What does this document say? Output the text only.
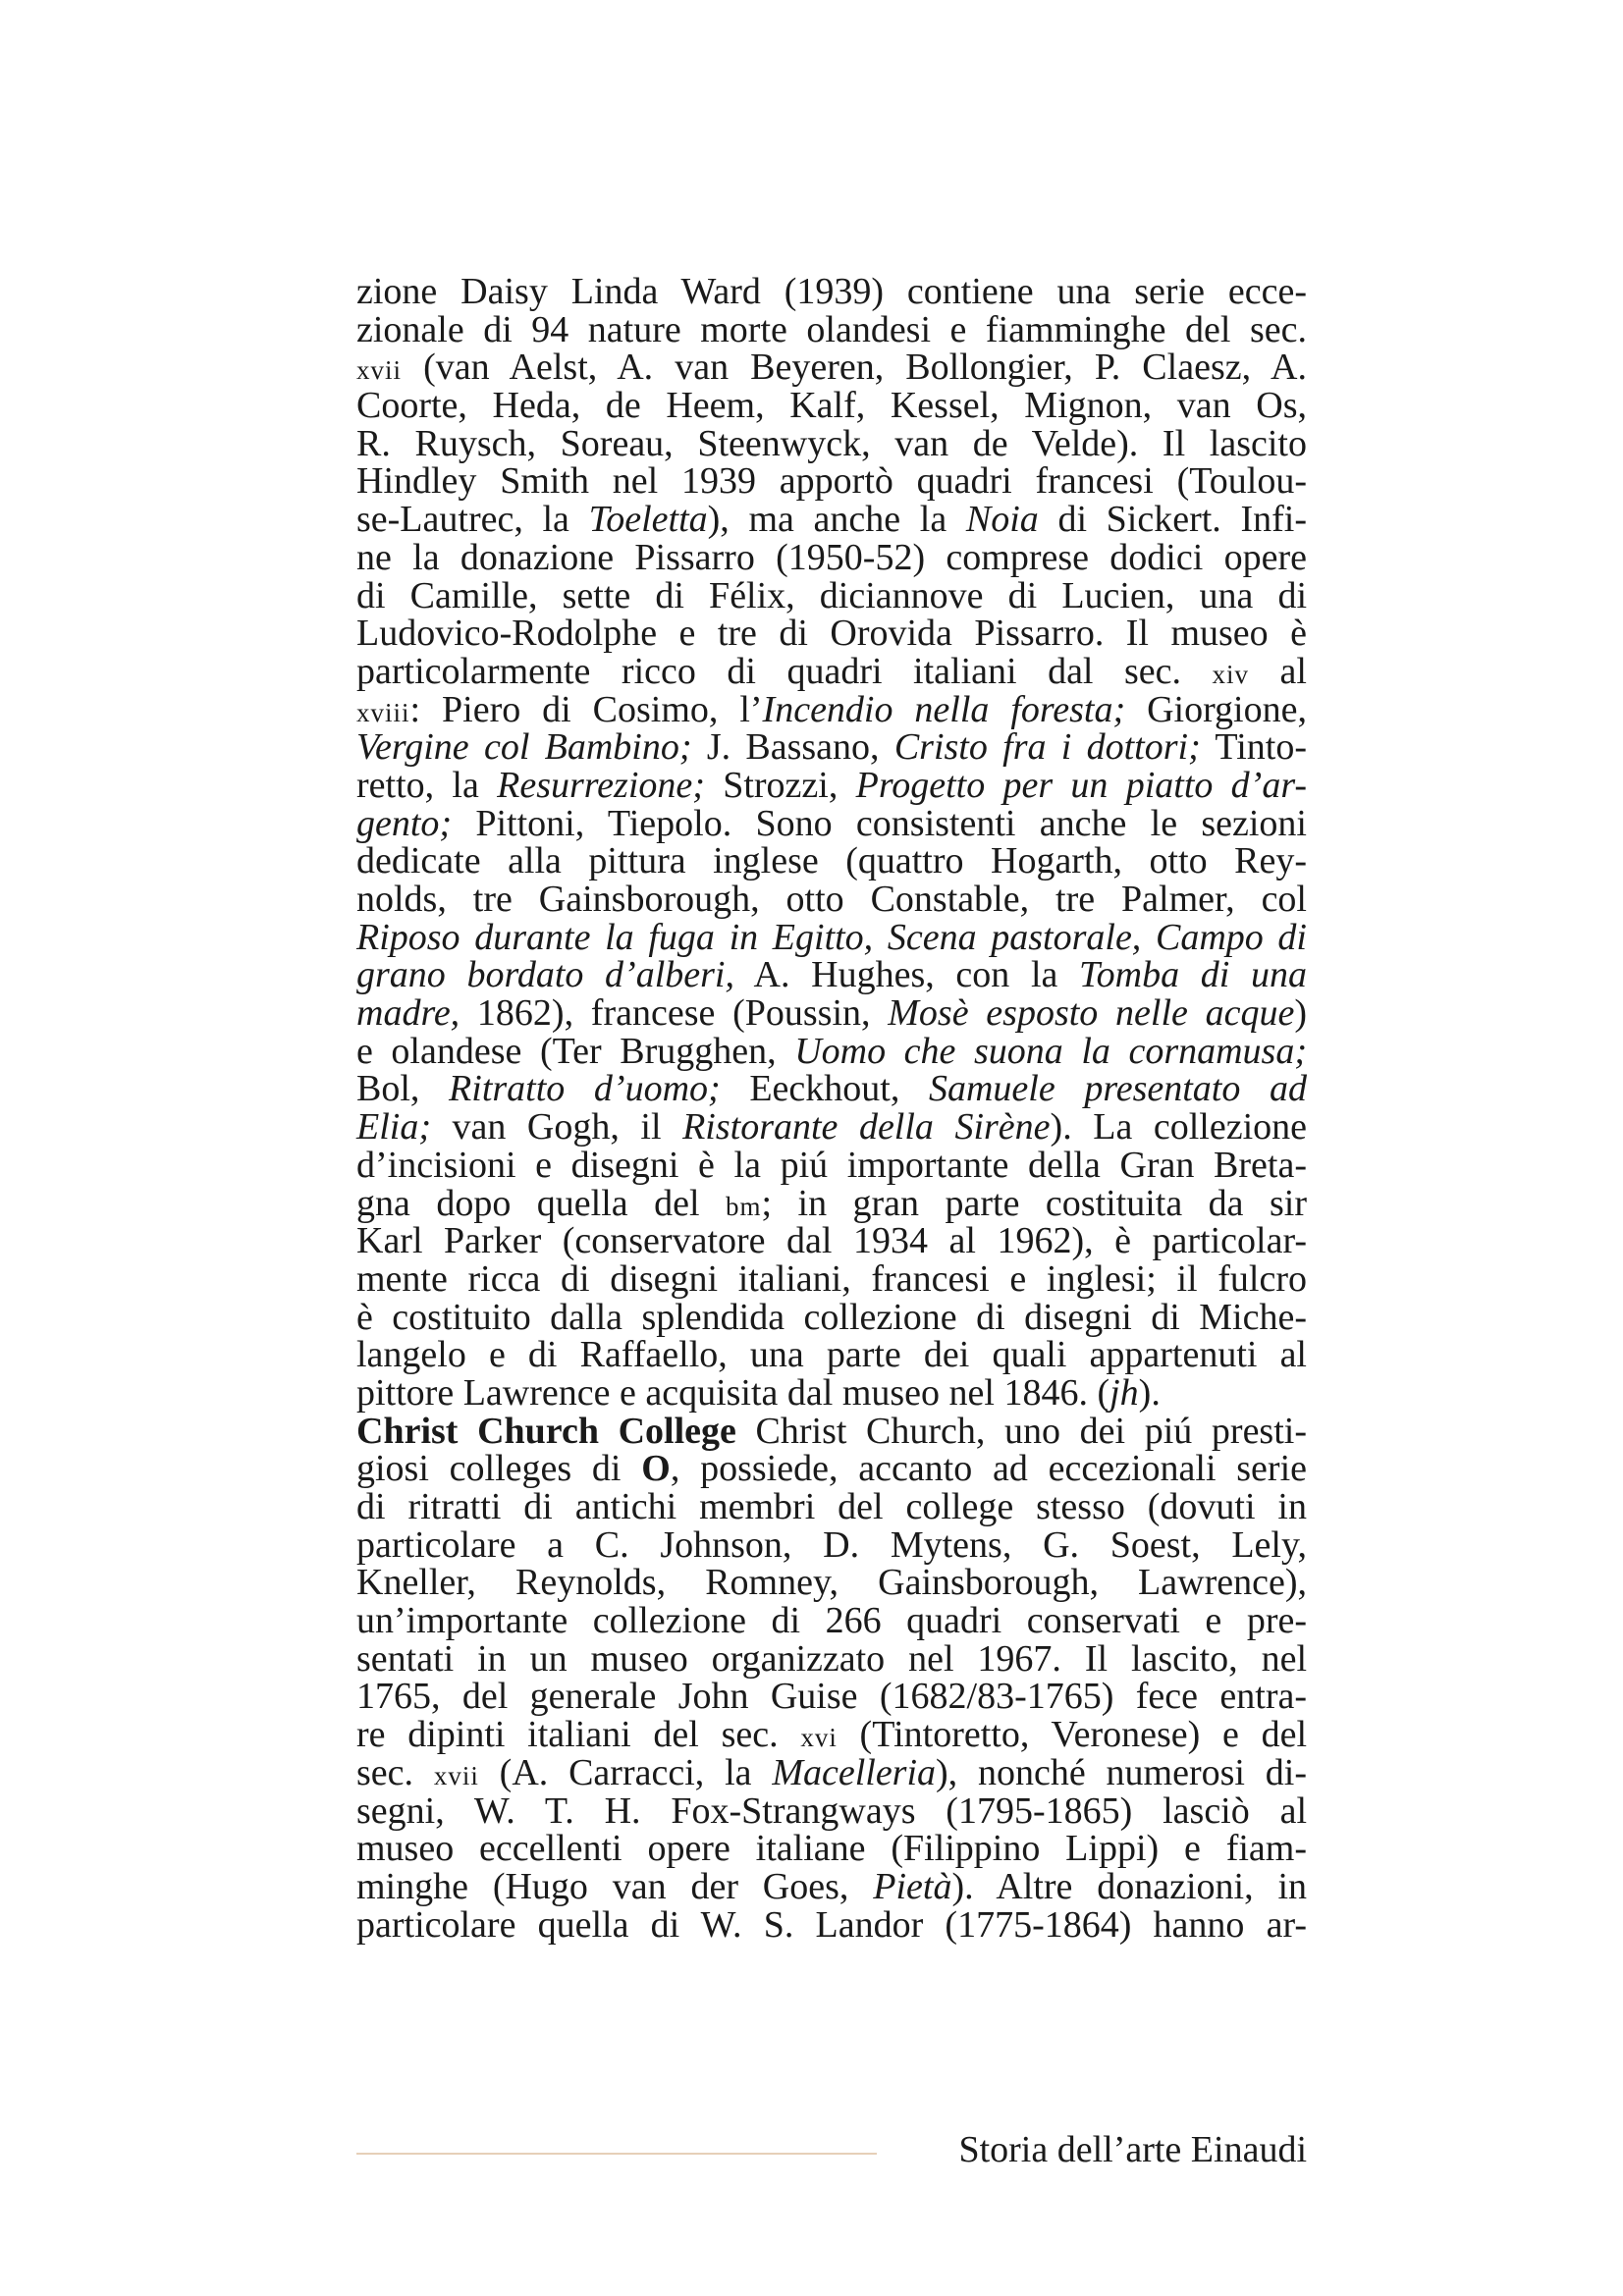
zione Daisy Linda Ward (1939) contiene una serie ecce-
zionale di 94 nature morte olandesi e fiamminghe del sec.
xvii (van Aelst, A. van Beyeren, Bollongier, P. Claesz, A.
Coorte, Heda, de Heem, Kalf, Kessel, Mignon, van Os,
R. Ruysch, Soreau, Steenwyck, van de Velde). Il lascito
Hindley Smith nel 1939 apportò quadri francesi (Toulou-
se-Lautrec, la Toeletta), ma anche la Noia di Sickert. Infi-
ne la donazione Pissarro (1950-52) comprese dodici opere
di Camille, sette di Félix, diciannove di Lucien, una di
Ludovico-Rodolphe e tre di Orovida Pissarro. Il museo è
particolarmente ricco di quadri italiani dal sec. xiv al
xviii: Piero di Cosimo, l’Incendio nella foresta; Giorgione,
Vergine col Bambino; J. Bassano, Cristo fra i dottori; Tinto-
retto, la Resurrezione; Strozzi, Progetto per un piatto d’ar-
gento; Pittoni, Tiepolo. Sono consistenti anche le sezioni
dedicate alla pittura inglese (quattro Hogarth, otto Rey-
nolds, tre Gainsborough, otto Constable, tre Palmer, col
Riposo durante la fuga in Egitto, Scena pastorale, Campo di
grano bordato d’alberi, A. Hughes, con la Tomba di una
madre, 1862), francese (Poussin, Mosè esposto nelle acque)
e olandese (Ter Brugghen, Uomo che suona la cornamusa;
Bol, Ritratto d’uomo; Eeckhout, Samuele presentato ad
Elia; van Gogh, il Ristorante della Sirène). La collezione
d’incisioni e disegni è la piú importante della Gran Breta-
gna dopo quella del bm; in gran parte costituita da sir
Karl Parker (conservatore dal 1934 al 1962), è particolar-
mente ricca di disegni italiani, francesi e inglesi; il fulcro
è costituito dalla splendida collezione di disegni di Miche-
langelo e di Raffaello, una parte dei quali appartenuti al
pittore Lawrence e acquisita dal museo nel 1846. (jh).
Christ Church College Christ Church, uno dei piú presti-
giosi colleges di O, possiede, accanto ad eccezionali serie
di ritratti di antichi membri del college stesso (dovuti in
particolare a C. Johnson, D. Mytens, G. Soest, Lely,
Kneller, Reynolds, Romney, Gainsborough, Lawrence),
un’importante collezione di 266 quadri conservati e pre-
sentati in un museo organizzato nel 1967. Il lascito, nel
1765, del generale John Guise (1682/83-1765) fece entra-
re dipinti italiani del sec. xvi (Tintoretto, Veronese) e del
sec. xvii (A. Carracci, la Macelleria), nonché numerosi di-
segni, W. T. H. Fox-Strangways (1795-1865) lasciò al
museo eccellenti opere italiane (Filippino Lippi) e fiam-
minghe (Hugo van der Goes, Pietà). Altre donazioni, in
particolare quella di W. S. Landor (1775-1864) hanno ar-
Storia dell’arte Einaudi
